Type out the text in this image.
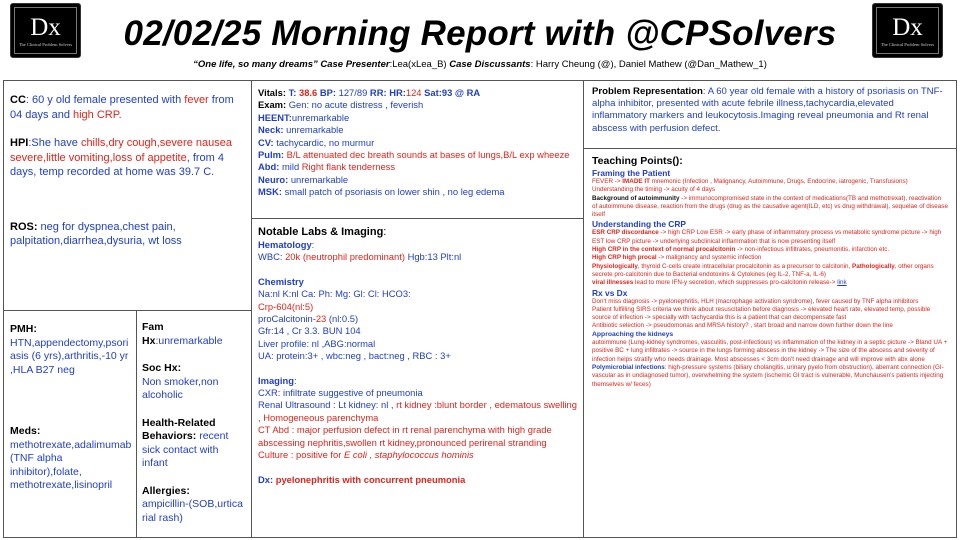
Dx
The Clinical Problem Solvers
Dx
The Clinical Problem Solvers
02/02/25 Morning Report with @CPSolvers
“One life, so many dreams” Case Presenter:Lea(xLea_B) Case Discussants: Harry Cheung (@), Daniel Mathew (@Dan_Mathew_1)

CC: 60 y old female presented with fever from 04 days and high CRP.

HPI:She have chills,dry cough,severe nausea severe,little vomiting,loss of appetite, from 4 days, temp recorded at home was 39.7 C.

ROS: neg for dyspnea,chest pain, palpitation,diarrhea,dysuria, wt loss

PMH:

HTN,appendectomy,psoriasis (6 yrs),arthritis,-10 yr ,HLA B27 neg

Meds:

methotrexate,adalimumab (TNF alpha inhibitor),folate, methotrexate,lisinopril

Fam Hx:unremarkable

Soc Hx:

Non smoker,non alcoholic

Health-Related Behaviors: recent sick contact with infant

Allergies:

ampicillin-(SOB,urticarial rash)

Vitals: T: 38.6 BP: 127/89 RR: HR:124 Sat:93 @ RA

Exam: Gen: no acute distress , feverish

HEENT:unremarkable

Neck: unremarkable

CV: tachycardic, no murmur

Pulm: B/L attenuated dec breath sounds at bases of lungs,B/L exp wheeze

Abd: mild Right flank tenderness

Neuro: unremarkable

MSK: small patch of psoriasis on lower shin , no leg edema

Notable Labs & Imaging:

Hematology:

WBC: 20k (neutrophil predominant) Hgb:13 Plt:nl

Chemistry

Na:nl K:nl Ca: Ph: Mg: Gl: Cl: HCO3:

Crp-604(nl:5)

proCalcitonin-23 (nl:0.5)

Gfr:14 , Cr 3.3. BUN 104

Liver profile: nl ,ABG:normal

UA: protein:3+ , wbc:neg , bact:neg , RBC : 3+

Imaging:

CXR: infiltrate suggestive of pneumonia

Renal Ultrasound : Lt kidney: nl , rt kidney :blunt border , edematous swelling , Homogeneous parenchyma

CT Abd : major perfusion defect in rt renal parenchyma with high grade abscessing nephritis,swollen rt kidney,pronounced perirenal stranding

Culture : positive for E coli , staphylococcus hominis

Dx: pyelonephritis with concurrent pneumonia

Problem Representation: A 60 year old female with a history of psoriasis on TNF-alpha inhibitor, presented with acute febrile illness,tachycardia,elevated inflammatory markers and leukocytosis.Imaging reveal pneumonia and Rt renal abscess with perfusion defect.

Teaching Points():

Framing the Patient

FEVER -> IMADE IT mnemonic (Infection , Malignancy, Autoimmune, Drugs, Endocrine, iatrogenic, Transfusions)

Understanding the timing -> acuity of 4 days

Background of autoimmunity -> immunocompromised state in the context of medications(TB and methotrexat), reactivation of autoimmune disease, reaction from the drugs (drug as the causative agent(ILD, etc) vs drug withdrawal), sequelae of disease itself

Understanding the CRP

ESR CRP discordance -> high CRP Low ESR -> early phase of inflammatory process vs metabolic syndrome picture -> high EST low CRP picture -> underlying subclinical inflammation that is now presenting itself

High CRP in the context of normal procalcitonin -> non-infectious infiltrates, pneumonitis, infarction etc.

High CRP high procal -> malignancy and systemic infection

Physiologically, thyroid C-cells create intracellular procalcitonin as a precursor to calcitonin, Pathologically, other organs secrete pro-calcitonin due to Bacterial endotoxins & Cytokines (eg IL-2, TNF-a, IL-6)

viral illnesses lead to more IFN-y secretion, which suppresses pro-calcitonin release-> link

Rx vs Dx

Don't miss diagnosis -> pyelonephritis, HLH (macrophage activation syndrome), fever caused by TNF alpha inhibitors

Patient fulfilling SIRS criteria we think about resuscitation before diagnosis -> elevated heart rate, elevated temp, possible source of infection -> specially with tachycardia this is a patient that can decompensate fast

Antibiotic selection -> pseudomonas and MRSA history? , start broad and narrow down further down the line

Approaching the kidneys

autoimmune (Lung-kidney syndromes, vasculitis, post-infectious) vs inflammation of the kidney in a septic picture -> Bland UA + positive BC + lung infiltrates -> source in the lungs forming abscess in the kidney -> The size of the abscess and severity of infection helps stratify who needs drainage. Most abscesses < 3cm don't need drainage and will improve with abx alone

Polymicrobial infections: high-pressure systems (biliary cholangitis, urinary pyelo from obstruction), aberrant connection (GI-vascular as in undiagnosed tumor), overwhelming the system (ischemic GI tract is vulnerable, Munchausen's patients injecting themselves w/ feces)
